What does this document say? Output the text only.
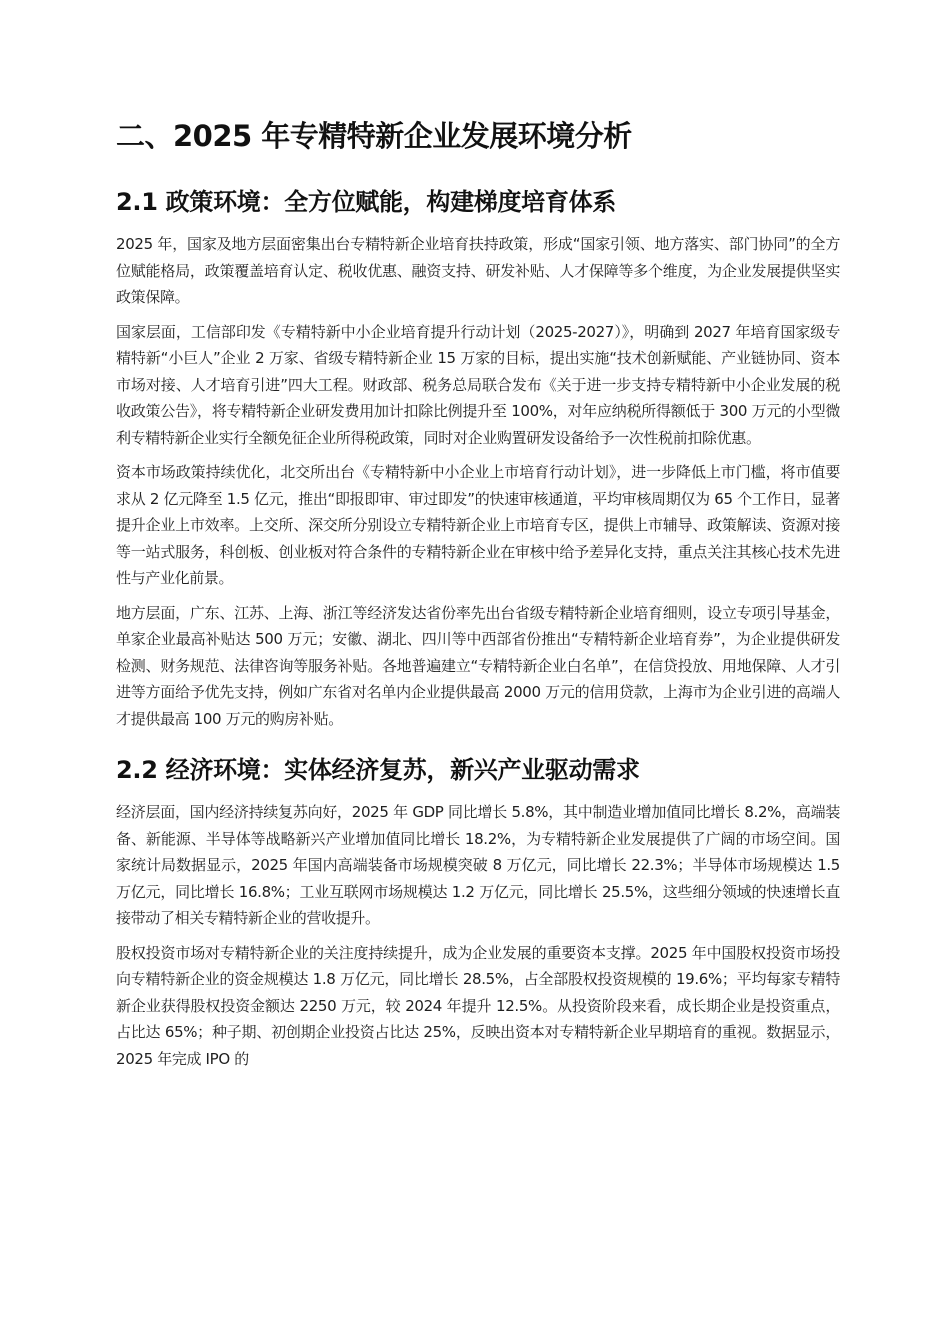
二、2025 年专精特新企业发展环境分析
2.1 政策环境：全方位赋能，构建梯度培育体系

2025 年，国家及地方层面密集出台专精特新企业培育扶持政策，形成“国家引领、地方落实、部门协同”的全方位赋能格局，政策覆盖培育认定、税收优惠、融资支持、研发补贴、人才保障等多个维度，为企业发展提供坚实政策保障。

国家层面，工信部印发《专精特新中小企业培育提升行动计划（2025-2027）》，明确到 2027 年培育国家级专精特新“小巨人”企业 2 万家、省级专精特新企业 15 万家的目标，提出实施“技术创新赋能、产业链协同、资本市场对接、人才培育引进”四大工程。财政部、税务总局联合发布《关于进一步支持专精特新中小企业发展的税收政策公告》，将专精特新企业研发费用加计扣除比例提升至 100%，对年应纳税所得额低于 300 万元的小型微利专精特新企业实行全额免征企业所得税政策，同时对企业购置研发设备给予一次性税前扣除优惠。

资本市场政策持续优化，北交所出台《专精特新中小企业上市培育行动计划》，进一步降低上市门槛，将市值要求从 2 亿元降至 1.5 亿元，推出“即报即审、审过即发”的快速审核通道，平均审核周期仅为 65 个工作日，显著提升企业上市效率。上交所、深交所分别设立专精特新企业上市培育专区，提供上市辅导、政策解读、资源对接等一站式服务，科创板、创业板对符合条件的专精特新企业在审核中给予差异化支持，重点关注其核心技术先进性与产业化前景。

地方层面，广东、江苏、上海、浙江等经济发达省份率先出台省级专精特新企业培育细则，设立专项引导基金，单家企业最高补贴达 500 万元；安徽、湖北、四川等中西部省份推出“专精特新企业培育券”，为企业提供研发检测、财务规范、法律咨询等服务补贴。各地普遍建立“专精特新企业白名单”，在信贷投放、用地保障、人才引进等方面给予优先支持，例如广东省对名单内企业提供最高 2000 万元的信用贷款，上海市为企业引进的高端人才提供最高 100 万元的购房补贴。

2.2 经济环境：实体经济复苏，新兴产业驱动需求

经济层面，国内经济持续复苏向好，2025 年 GDP 同比增长 5.8%，其中制造业增加值同比增长 8.2%，高端装备、新能源、半导体等战略新兴产业增加值同比增长 18.2%，为专精特新企业发展提供了广阔的市场空间。国家统计局数据显示，2025 年国内高端装备市场规模突破 8 万亿元，同比增长 22.3%；半导体市场规模达 1.5 万亿元，同比增长 16.8%；工业互联网市场规模达 1.2 万亿元，同比增长 25.5%，这些细分领域的快速增长直接带动了相关专精特新企业的营收提升。

股权投资市场对专精特新企业的关注度持续提升，成为企业发展的重要资本支撑。2025 年中国股权投资市场投向专精特新企业的资金规模达 1.8 万亿元，同比增长 28.5%，占全部股权投资规模的 19.6%；平均每家专精特新企业获得股权投资金额达 2250 万元，较 2024 年提升 12.5%。从投资阶段来看，成长期企业是投资重点，占比达 65%；种子期、初创期企业投资占比达 25%，反映出资本对专精特新企业早期培育的重视。数据显示，2025 年完成 IPO 的
